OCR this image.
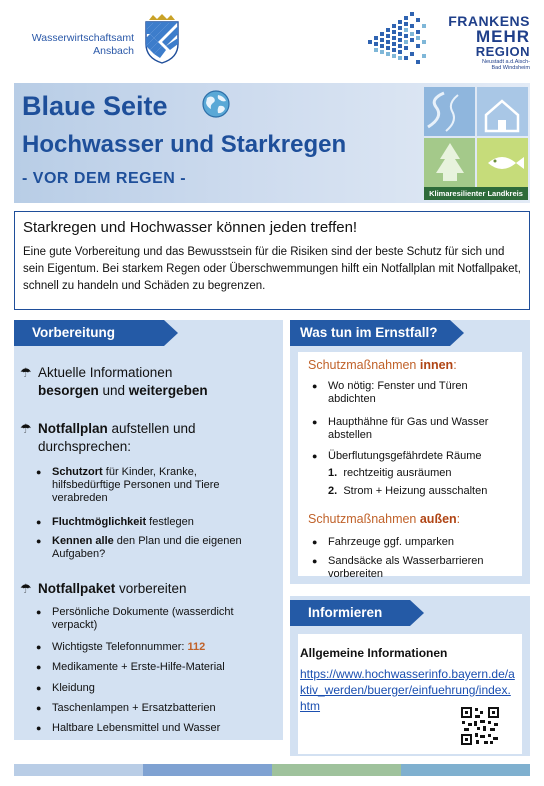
Wasserwirtschaftsamt
Ansbach
FRANKENS
MEHR
REGION
Neustadt a.d.Aisch-
Bad Windsheim
Blaue Seite
Hochwasser und Starkregen
- VOR DEM REGEN -
Klimaresilienter Landkreis
Starkregen und Hochwasser können jeden treffen!
Eine gute Vorbereitung und das Bewusstsein für die Risiken sind der beste Schutz für sich und sein Eigentum. Bei starkem Regen oder Überschwemmungen hilft ein Notfallplan mit Notfallpaket, schnell zu handeln und Schäden zu begrenzen.
Vorbereitung
☂ Aktuelle Informationen
besorgen und weitergeben
☂ Notfallplan aufstellen und
durchsprechen:
● Schutzort für Kinder, Kranke, hilfsbedürftige Personen und Tiere verabreden
● Fluchtmöglichkeit festlegen
● Kennen alle den Plan und die eigenen Aufgaben?
☂ Notfallpaket vorbereiten
● Persönliche Dokumente (wasserdicht verpackt)
● Wichtigste Telefonnummer: 112
● Medikamente + Erste-Hilfe-Material
● Kleidung
● Taschenlampen + Ersatzbatterien
● Haltbare Lebensmittel und Wasser
Was tun im Ernstfall?
Schutzmaßnahmen innen:
● Wo nötig: Fenster und Türen abdichten
● Haupthähne für Gas und Wasser abstellen
● Überflutungsgefährdete Räume
1. rechtzeitig ausräumen
2. Strom + Heizung ausschalten
Schutzmaßnahmen außen:
● Fahrzeuge ggf. umparken
● Sandsäcke als Wasserbarrieren vorbereiten
Informieren
Allgemeine Informationen
https://www.hochwasserinfo.bayern.de/aktiv_werden/buerger/einfuehrung/index.htm
